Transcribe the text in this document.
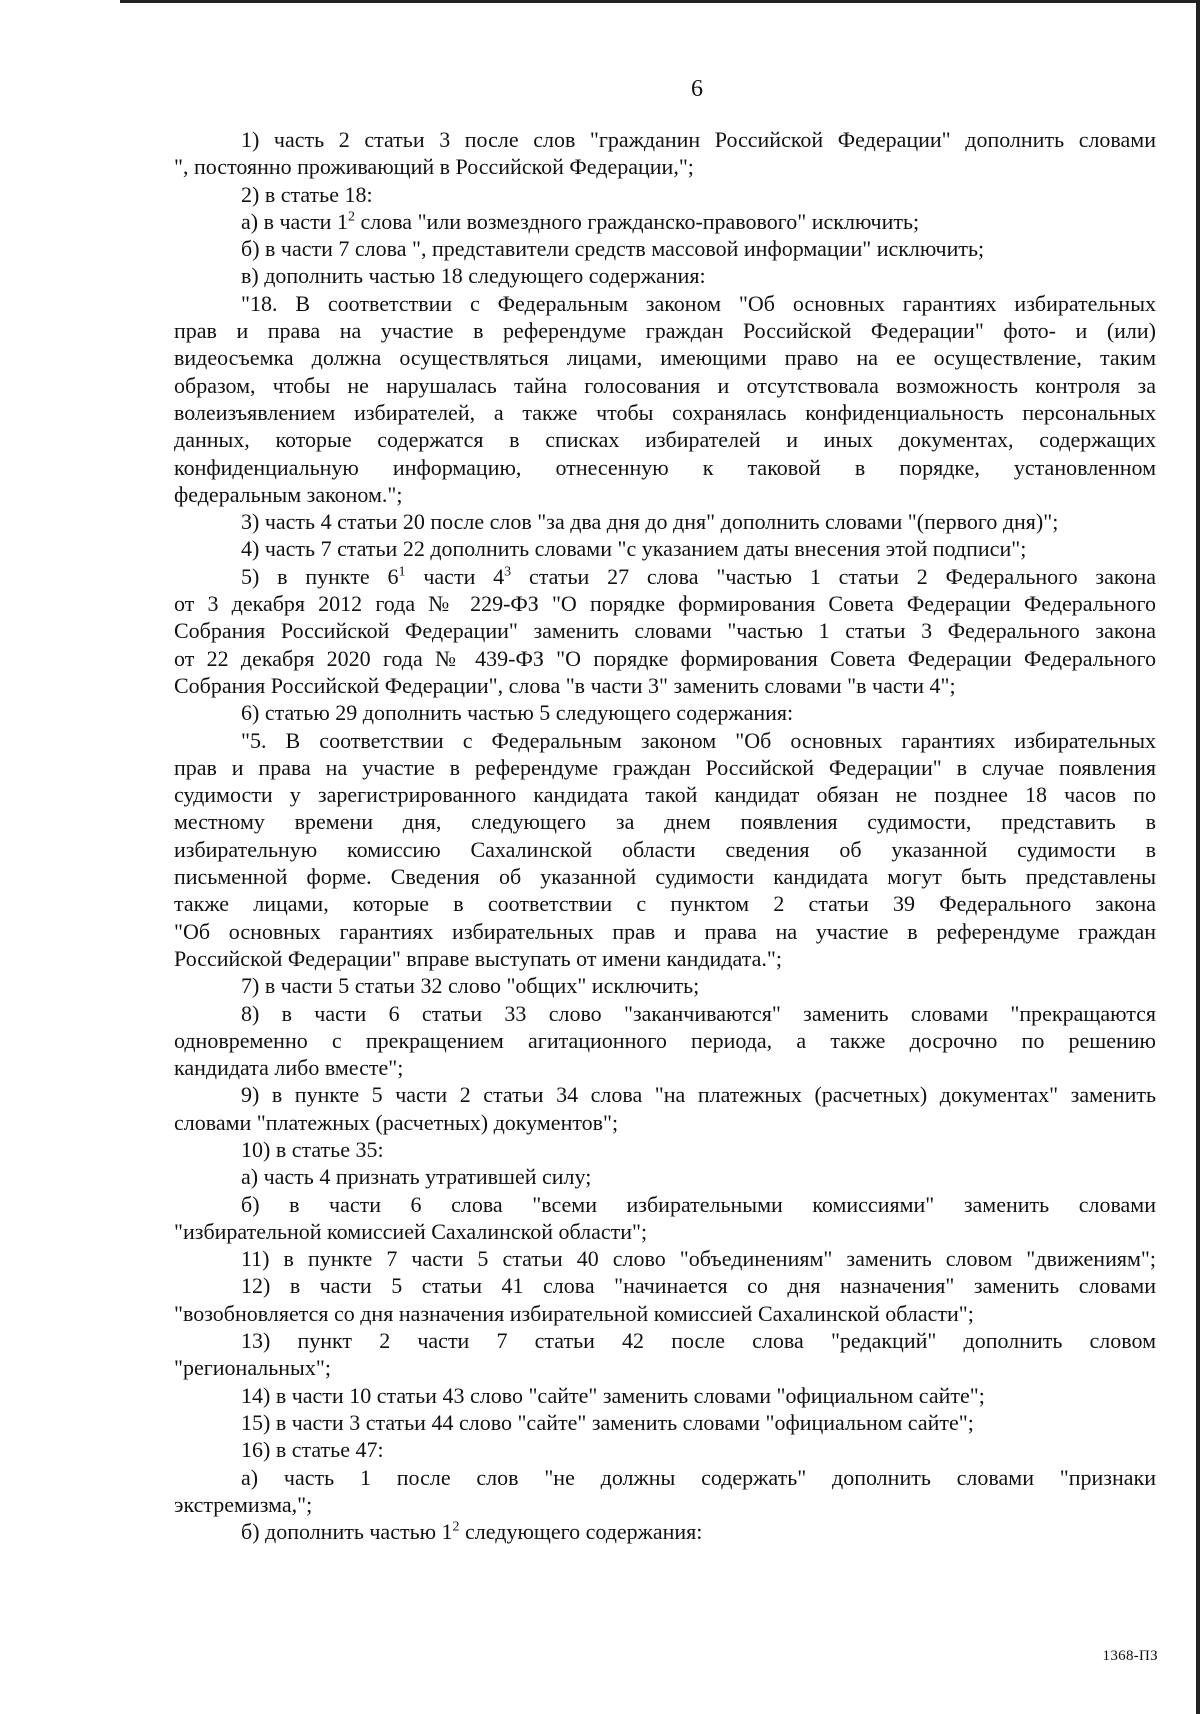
6
1) часть 2 статьи 3 после слов "гражданин Российской Федерации" дополнить словами
", постоянно проживающий в Российской Федерации,";
2) в статье 18:
а) в части $1^2$ слова "или возмездного гражданско-правового" исключить;
б) в части 7 слова ", представители средств массовой информации" исключить;
в) дополнить частью 18 следующего содержания:
"18. В соответствии с Федеральным законом "Об основных гарантиях избирательных
прав и права на участие в референдуме граждан Российской Федерации" фото- и (или)
видеосъемка должна осуществляться лицами, имеющими право на ее осуществление, таким
образом, чтобы не нарушалась тайна голосования и отсутствовала возможность контроля за
волеизъявлением избирателей, а также чтобы сохранялась конфиденциальность персональных
данных, которые содержатся в списках избирателей и иных документах, содержащих
конфиденциальную информацию, отнесенную к таковой в порядке, установленном
федеральным законом.";
3) часть 4 статьи 20 после слов "за два дня до дня" дополнить словами "(первого дня)";
4) часть 7 статьи 22 дополнить словами "с указанием даты внесения этой подписи";
5) в пункте $6^1$ части $4^3$ статьи 27 слова "частью 1 статьи 2 Федерального закона
от 3 декабря 2012 года № 229-ФЗ "О порядке формирования Совета Федерации Федерального
Собрания Российской Федерации" заменить словами "частью 1 статьи 3 Федерального закона
от 22 декабря 2020 года № 439-ФЗ "О порядке формирования Совета Федерации Федерального
Собрания Российской Федерации", слова "в части 3" заменить словами "в части 4";
6) статью 29 дополнить частью 5 следующего содержания:
"5. В соответствии с Федеральным законом "Об основных гарантиях избирательных
прав и права на участие в референдуме граждан Российской Федерации" в случае появления
судимости у зарегистрированного кандидата такой кандидат обязан не позднее 18 часов по
местному времени дня, следующего за днем появления судимости, представить в
избирательную комиссию Сахалинской области сведения об указанной судимости в
письменной форме. Сведения об указанной судимости кандидата могут быть представлены
также лицами, которые в соответствии с пунктом 2 статьи 39 Федерального закона
"Об основных гарантиях избирательных прав и права на участие в референдуме граждан
Российской Федерации" вправе выступать от имени кандидата.";
7) в части 5 статьи 32 слово "общих" исключить;
8) в части 6 статьи 33 слово "заканчиваются" заменить словами "прекращаются
одновременно с прекращением агитационного периода, а также досрочно по решению
кандидата либо вместе";
9) в пункте 5 части 2 статьи 34 слова "на платежных (расчетных) документах" заменить
словами "платежных (расчетных) документов";
10) в статье 35:
а) часть 4 признать утратившей силу;
б) в части 6 слова "всеми избирательными комиссиями" заменить словами
"избирательной комиссией Сахалинской области";
11) в пункте 7 части 5 статьи 40 слово "объединениям" заменить словом "движениям";
12) в части 5 статьи 41 слова "начинается со дня назначения" заменить словами
"возобновляется со дня назначения избирательной комиссией Сахалинской области";
13) пункт 2 части 7 статьи 42 после слова "редакций" дополнить словом
"региональных";
14) в части 10 статьи 43 слово "сайте" заменить словами "официальном сайте";
15) в части 3 статьи 44 слово "сайте" заменить словами "официальном сайте";
16) в статье 47:
а) часть 1 после слов "не должны содержать" дополнить словами "признаки
экстремизма,";
б) дополнить частью $1^2$ следующего содержания:
1368-ПЗ
